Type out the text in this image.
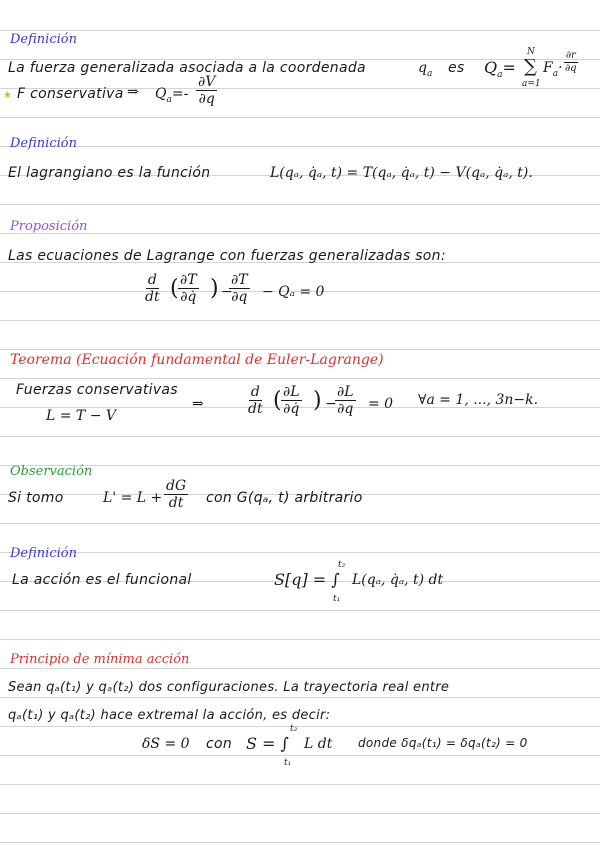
Definición
La fuerza generalizada asociada a la coordenada	$q_a$ es $Q_a=$ ∑
N
a=1
$F_a\cdot \frac{\partial r}{\partial q}$
★ F conservativa ⇒ $Q_a=- \frac{\partial V}{\partial q}$
Definición
El lagrangiano es la función	L(qₐ, q̇ₐ, t) = T(qₐ, q̇ₐ, t) − V(qₐ, q̇ₐ, t).
Proposición
Las ecuaciones de Lagrange con fuerzas generalizadas son:
$\frac{d}{dt}$ ( $\frac{\partial T}{\partial q̇}$ ) −
$\frac{\partial T}{\partial q} - Q_a = 0$
Teorema (Ecuación fundamental de Euler-Lagrange)
Fuerzas conservativas
L = T − V
⇒	$\frac{d}{dt}$ ( $\frac{\partial L}{\partial q̇}$ ) −
$\frac{\partial L}{\partial q} = 0$ ∀a = 1, ..., 3n−k.
Observación
Si tomo	$L' = L + \frac{dG}{dt}$ con G(qₐ, t) arbitrario
Definición
La acción es el funcional	S[q] = ∫
t₂
t₁
L(qₐ, q̇ₐ, t) dt
Principio de mínima acción
Sean qₐ(t₁) y qₐ(t₂) dos configuraciones. La trayectoria real entre
qₐ(t₁) y qₐ(t₂) hace extremal la acción, es decir:
δS = 0 con S = ∫
t₂
t₁
L dt donde δqₐ(t₁) = δqₐ(t₂) = 0
